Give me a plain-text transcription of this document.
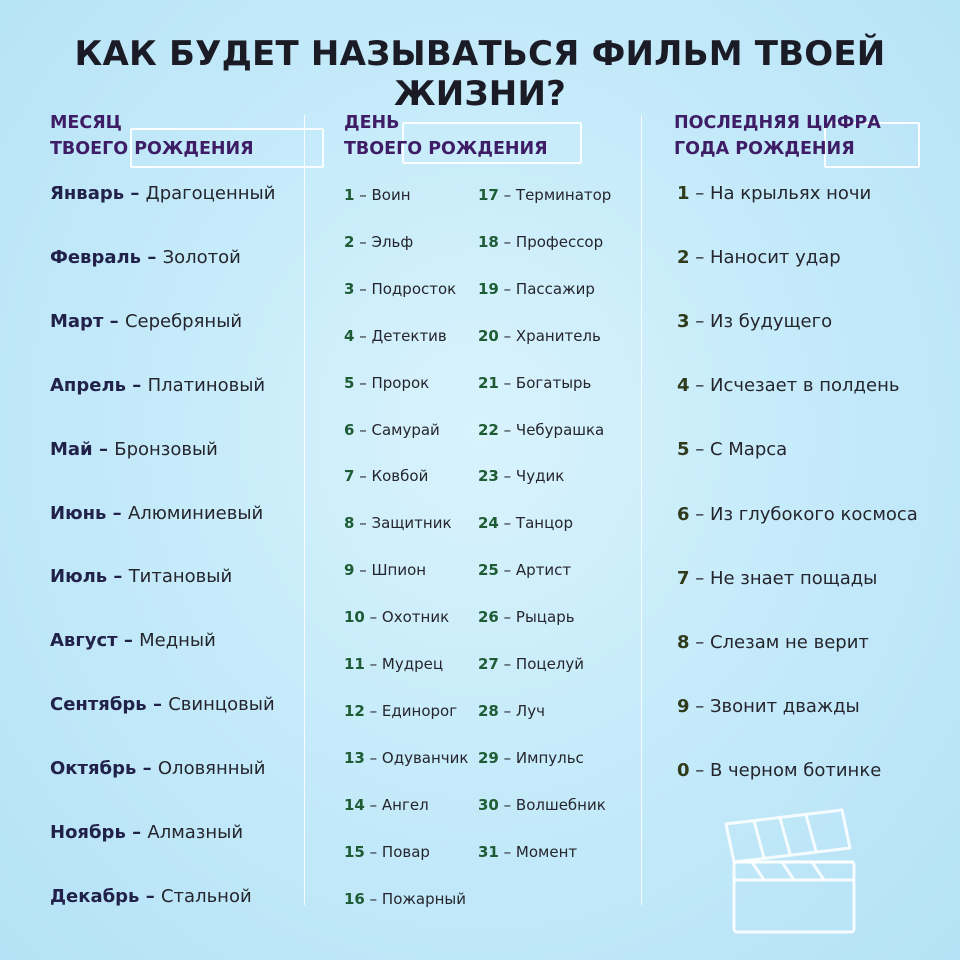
КАК БУДЕТ НАЗЫВАТЬСЯ ФИЛЬМ ТВОЕЙ ЖИЗНИ?
МЕСЯЦ
ТВОЕГО РОЖДЕНИЯ
ДЕНЬ
ТВОЕГО РОЖДЕНИЯ
ПОСЛЕДНЯЯ ЦИФРА
ГОДА РОЖДЕНИЯ
Январь – Драгоценный
Февраль – Золотой
Март – Серебряный
Апрель – Платиновый
Май – Бронзовый
Июнь – Алюминиевый
Июль – Титановый
Август – Медный
Сентябрь – Свинцовый
Октябрь – Оловянный
Ноябрь – Алмазный
Декабрь – Стальной
1 – Воин
2 – Эльф
3 – Подросток
4 – Детектив
5 – Пророк
6 – Самурай
7 – Ковбой
8 – Защитник
9 – Шпион
10 – Охотник
11 – Мудрец
12 – Единорог
13 – Одуванчик
14 – Ангел
15 – Повар
16 – Пожарный
17 – Терминатор
18 – Профессор
19 – Пассажир
20 – Хранитель
21 – Богатырь
22 – Чебурашка
23 – Чудик
24 – Танцор
25 – Артист
26 – Рыцарь
27 – Поцелуй
28 – Луч
29 – Импульс
30 – Волшебник
31 – Момент
1 – На крыльях ночи
2 – Наносит удар
3 – Из будущего
4 – Исчезает в полдень
5 – С Марса
6 – Из глубокого космоса
7 – Не знает пощады
8 – Слезам не верит
9 – Звонит дважды
0 – В черном ботинке
